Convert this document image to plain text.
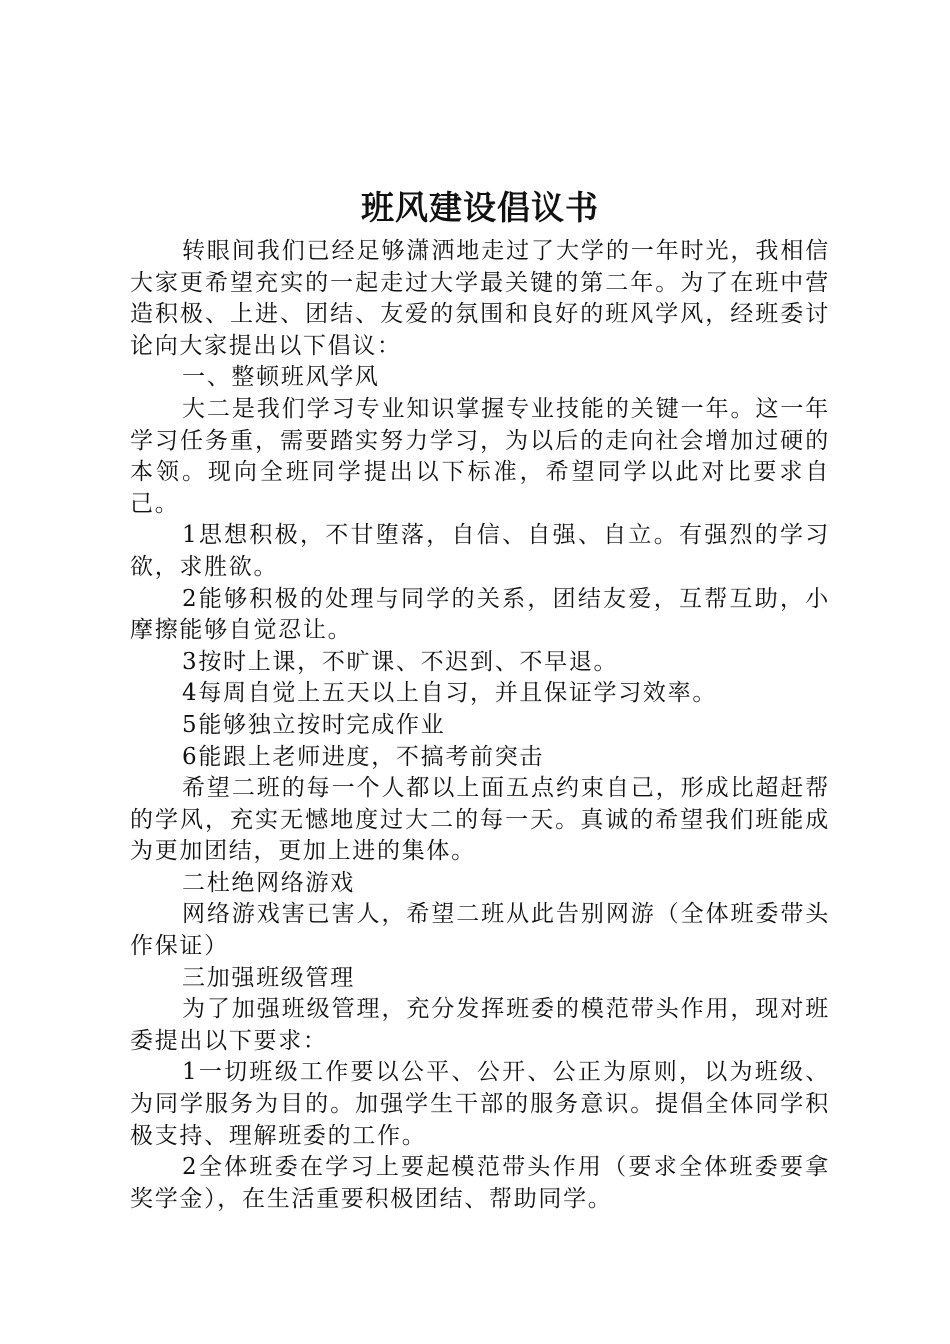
班风建设倡议书

转眼间我们已经足够潇洒地走过了大学的一年时光，我相信大家更希望充实的一起走过大学最关键的第二年。为了在班中营造积极、上进、团结、友爱的氛围和良好的班风学风，经班委讨论向大家提出以下倡议：

一、整顿班风学风

大二是我们学习专业知识掌握专业技能的关键一年。这一年学习任务重，需要踏实努力学习，为以后的走向社会增加过硬的本领。现向全班同学提出以下标准，希望同学以此对比要求自己。

1思想积极，不甘堕落，自信、自强、自立。有强烈的学习欲，求胜欲。

2能够积极的处理与同学的关系，团结友爱，互帮互助，小摩擦能够自觉忍让。

3按时上课，不旷课、不迟到、不早退。

4每周自觉上五天以上自习，并且保证学习效率。

5能够独立按时完成作业

6能跟上老师进度，不搞考前突击

希望二班的每一个人都以上面五点约束自己，形成比超赶帮的学风，充实无憾地度过大二的每一天。真诚的希望我们班能成为更加团结，更加上进的集体。

二杜绝网络游戏

网络游戏害已害人，希望二班从此告别网游（全体班委带头作保证）

三加强班级管理

为了加强班级管理，充分发挥班委的模范带头作用，现对班委提出以下要求：

1一切班级工作要以公平、公开、公正为原则，以为班级、为同学服务为目的。加强学生干部的服务意识。提倡全体同学积极支持、理解班委的工作。

2全体班委在学习上要起模范带头作用（要求全体班委要拿奖学金），在生活重要积极团结、帮助同学。
